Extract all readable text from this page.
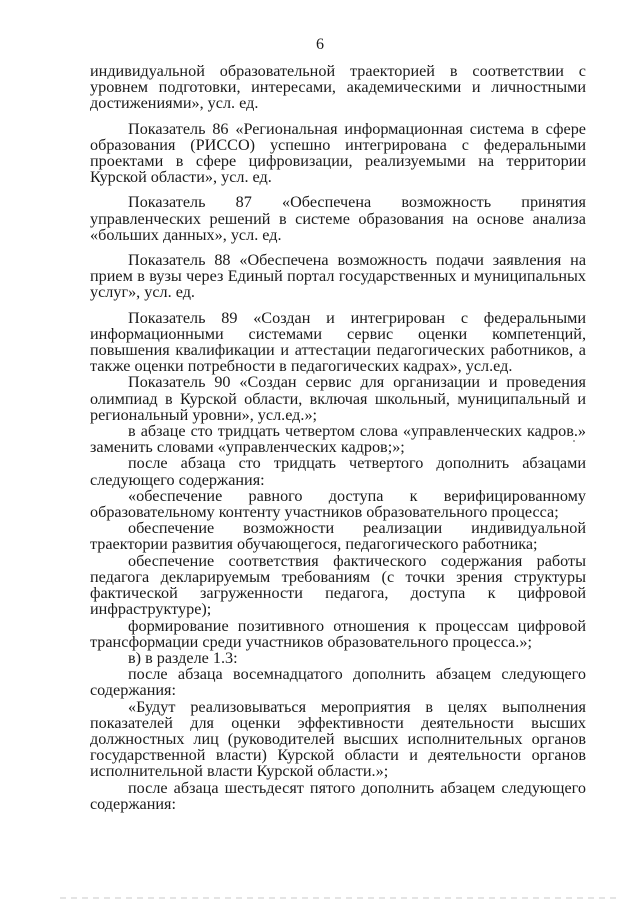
6

индивидуальной образовательной траекторией в соответствии с уровнем подготовки, интересами, академическими и личностными достижениями», усл. ед.

Показатель 86 «Региональная информационная система в сфере образования (РИССО) успешно интегрирована с федеральными проектами в сфере цифровизации, реализуемыми на территории Курской области», усл. ед.

Показатель 87 «Обеспечена возможность принятия управленческих решений в системе образования на основе анализа «больших данных», усл. ед.

Показатель 88 «Обеспечена возможность подачи заявления на прием в вузы через Единый портал государственных и муниципальных услуг», усл. ед.

Показатель 89 «Создан и интегрирован с федеральными информационными системами сервис оценки компетенций, повышения квалификации и аттестации педагогических работников, а также оценки потребности в педагогических кадрах», усл.ед.

Показатель 90 «Создан сервис для организации и проведения олимпиад в Курской области, включая школьный, муниципальный и региональный уровни», усл.ед.»;

в абзаце сто тридцать четвертом слова «управленческих кадров.» заменить словами «управленческих кадров;»;

после абзаца сто тридцать четвертого дополнить абзацами следующего содержания:

«обеспечение равного доступа к верифицированному образовательному контенту участников образовательного процесса;

обеспечение возможности реализации индивидуальной траектории развития обучающегося, педагогического работника;

обеспечение соответствия фактического содержания работы педагога декларируемым требованиям (с точки зрения структуры фактической загруженности педагога, доступа к цифровой инфраструктуре);

формирование позитивного отношения к процессам цифровой трансформации среди участников образовательного процесса.»;

в) в разделе 1.3:

после абзаца восемнадцатого дополнить абзацем следующего содержания:

«Будут реализовываться мероприятия в целях выполнения показателей для оценки эффективности деятельности высших должностных лиц (руководителей высших исполнительных органов государственной власти) Курской области и деятельности органов исполнительной власти Курской области.»;

после абзаца шестьдесят пятого дополнить абзацем следующего содержания:
